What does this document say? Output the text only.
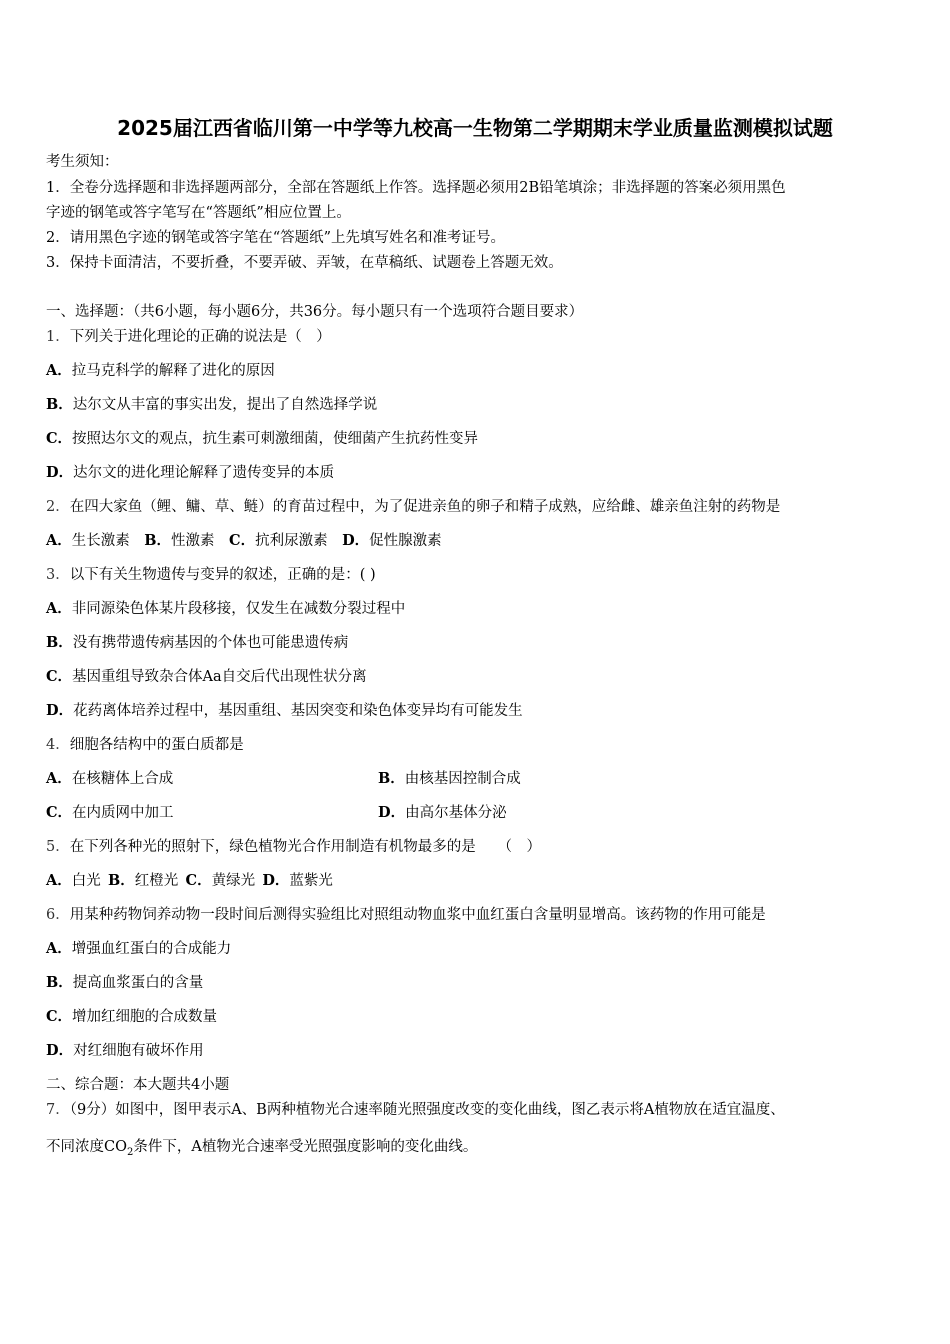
2025届江西省临川第一中学等九校高一生物第二学期期末学业质量监测模拟试题
考生须知：
1．全卷分选择题和非选择题两部分，全部在答题纸上作答。选择题必须用2B铅笔填涂；非选择题的答案必须用黑色
字迹的钢笔或答字笔写在“答题纸”相应位置上。
2．请用黑色字迹的钢笔或答字笔在“答题纸”上先填写姓名和准考证号。
3．保持卡面清洁，不要折叠，不要弄破、弄皱，在草稿纸、试题卷上答题无效。
一、选择题：（共6小题，每小题6分，共36分。每小题只有一个选项符合题目要求）
1．下列关于进化理论的正确的说法是（　）
A．拉马克科学的解释了进化的原因
B．达尔文从丰富的事实出发，提出了自然选择学说
C．按照达尔文的观点，抗生素可刺激细菌，使细菌产生抗药性变异
D．达尔文的进化理论解释了遗传变异的本质
2．在四大家鱼（鲤、鳙、草、鲢）的育苗过程中，为了促进亲鱼的卵子和精子成熟，应给雌、雄亲鱼注射的药物是
A．生长激素　 B．性激素　 C．抗利尿激素　 D．促性腺激素
3．以下有关生物遗传与变异的叙述，正确的是：( )
A．非同源染色体某片段移接，仅发生在减数分裂过程中
B．没有携带遗传病基因的个体也可能患遗传病
C．基因重组导致杂合体Aa自交后代出现性状分离
D．花药离体培养过程中，基因重组、基因突变和染色体变异均有可能发生
4．细胞各结构中的蛋白质都是
A．在核糖体上合成	B．由核基因控制合成
C．在内质网中加工	D．由高尔基体分泌
5．在下列各种光的照射下，绿色植物光合作用制造有机物最多的是　　（　）
A．白光  B．红橙光  C．黄绿光  D．蓝紫光
6．用某种药物饲养动物一段时间后测得实验组比对照组动物血浆中血红蛋白含量明显增高。该药物的作用可能是
A．增强血红蛋白的合成能力
B．提高血浆蛋白的含量
C．增加红细胞的合成数量
D．对红细胞有破坏作用
二、综合题：本大题共4小题
7．（9分）如图中，图甲表示A、B两种植物光合速率随光照强度改变的变化曲线，图乙表示将A植物放在适宜温度、
不同浓度$CO_2$条件下，A植物光合速率受光照强度影响的变化曲线。
